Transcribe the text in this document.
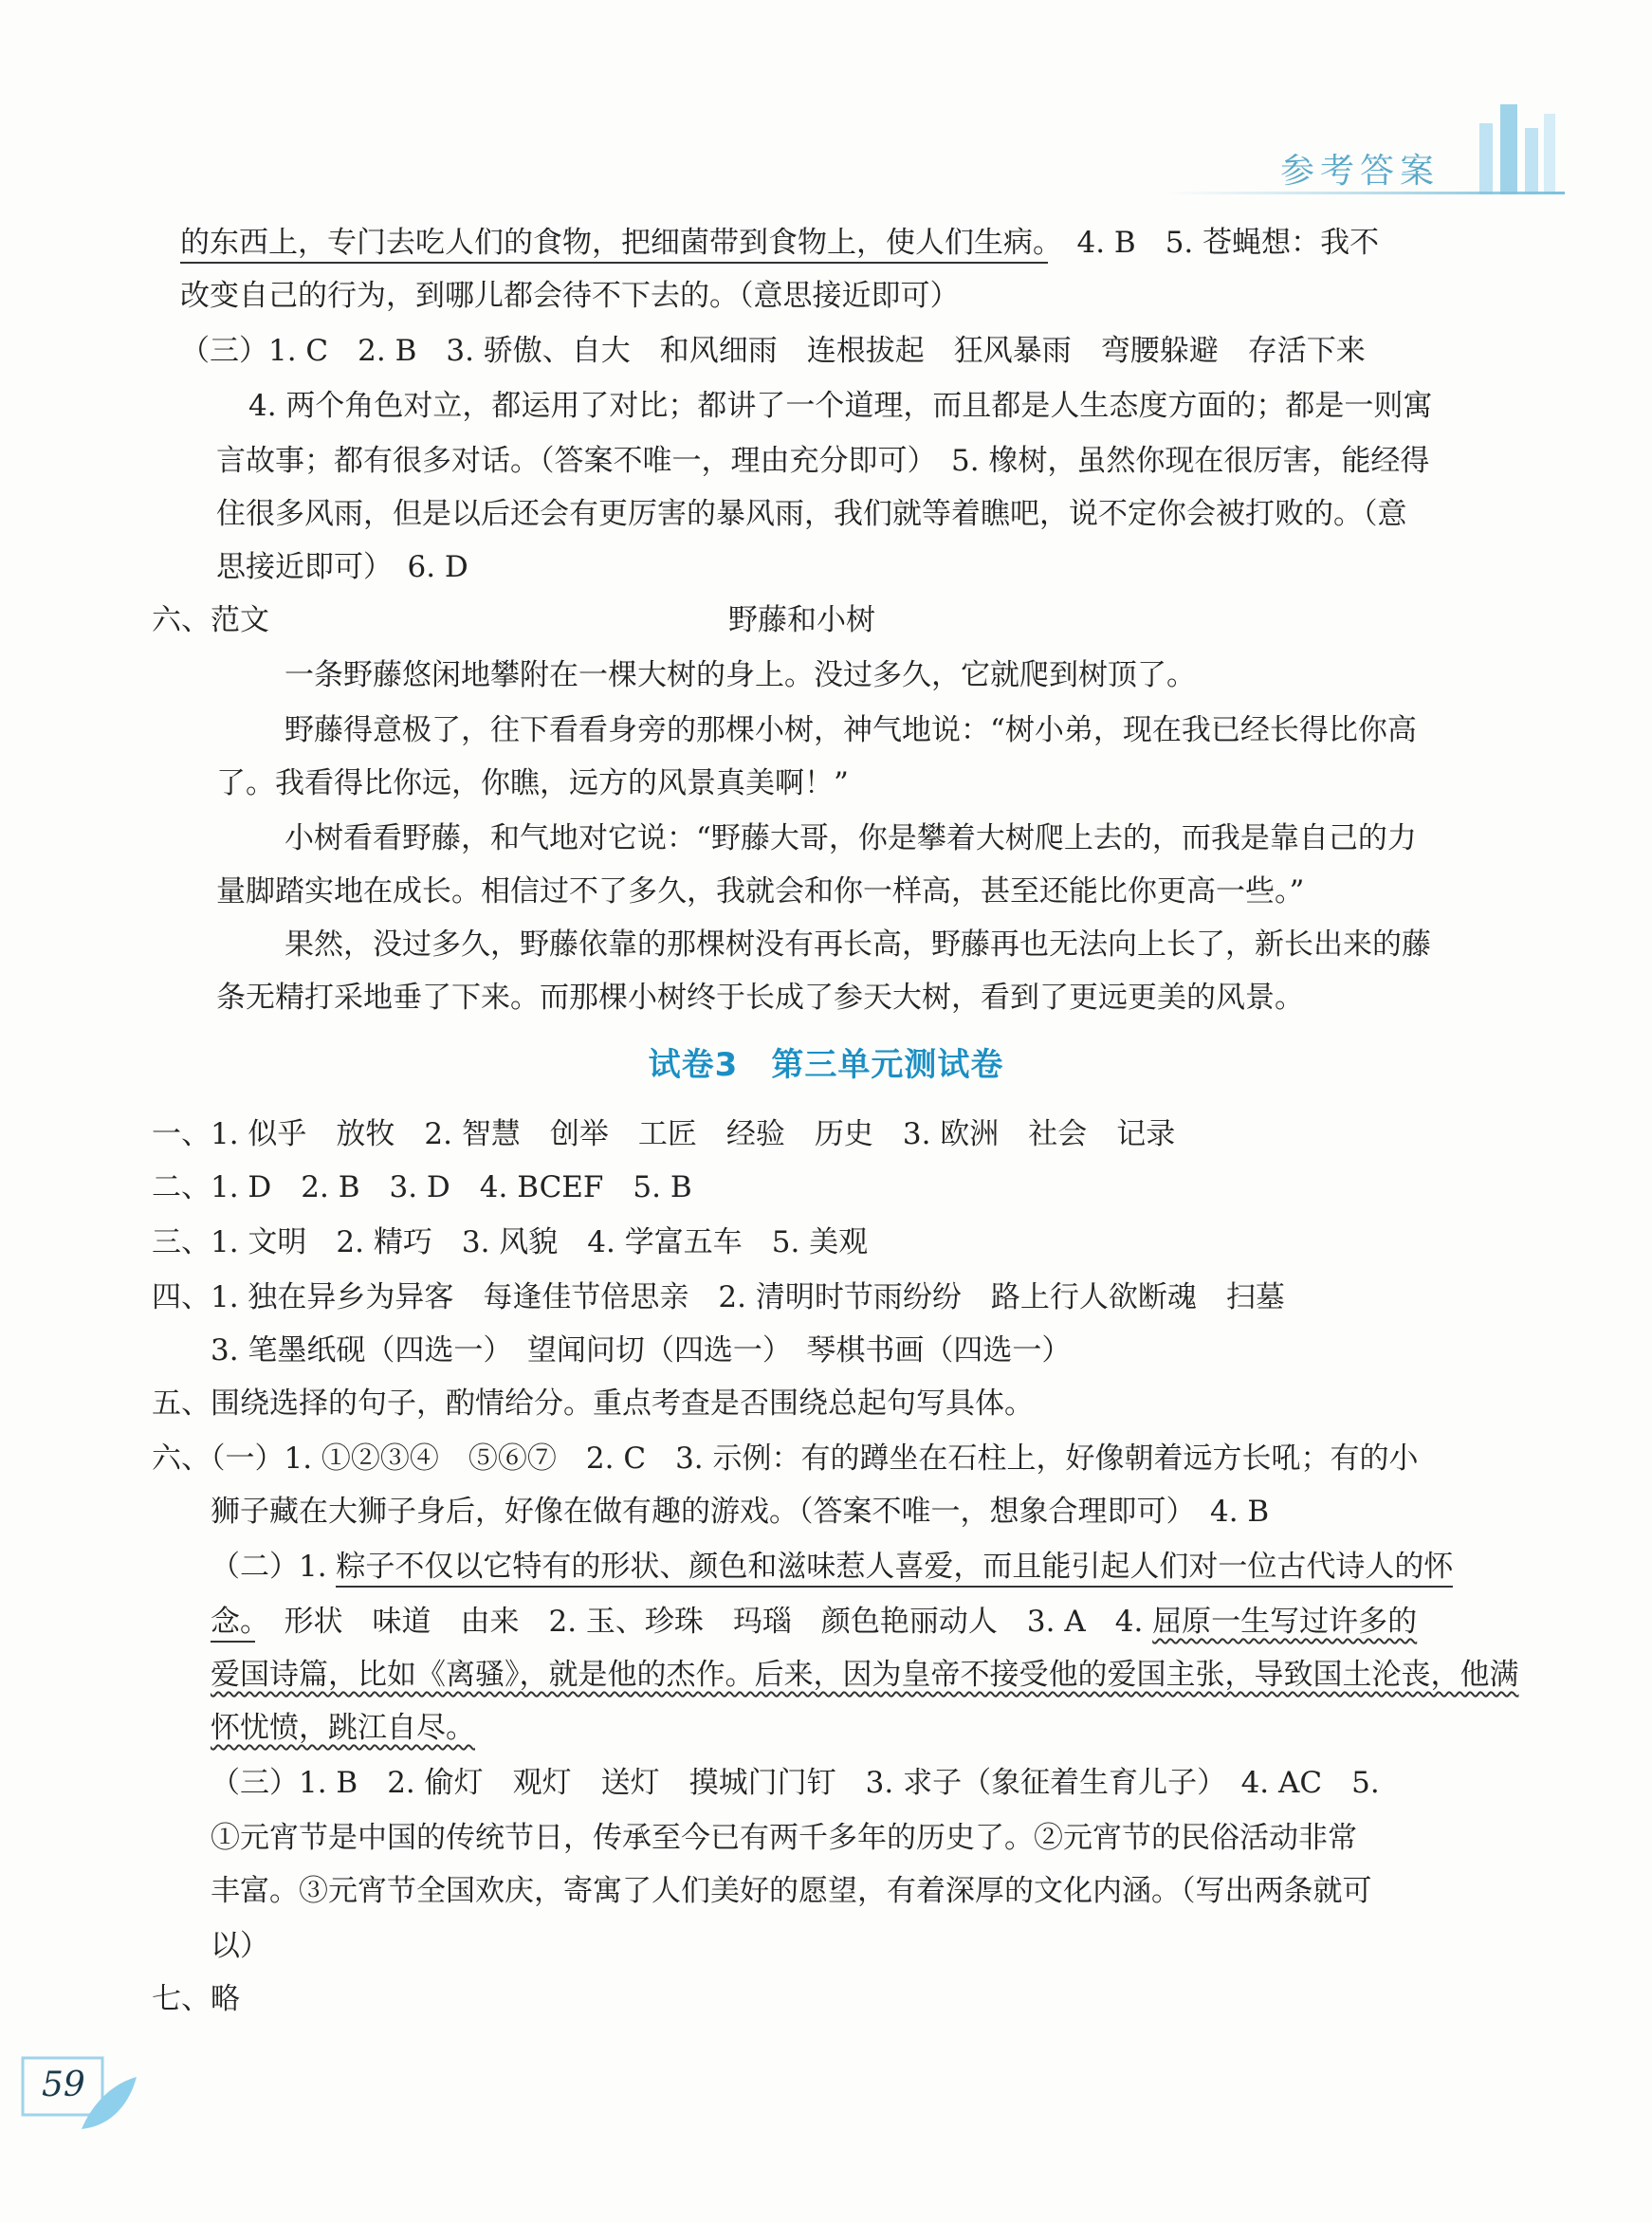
参考答案
的东西上，专门去吃人们的食物，把细菌带到食物上，使人们生病。　 4. B　5. 苍蝇想：我不
改变自己的行为，到哪儿都会待不下去的。（意思接近即可）
（三）1. C　2. B　3. 骄傲、自大　和风细雨　连根拔起　狂风暴雨　弯腰躲避　存活下来
4. 两个角色对立，都运用了对比；都讲了一个道理，而且都是人生态度方面的；都是一则寓
言故事；都有很多对话。（答案不唯一，理由充分即可）　5. 橡树，虽然你现在很厉害，能经得
住很多风雨，但是以后还会有更厉害的暴风雨，我们就等着瞧吧，说不定你会被打败的。（意
思接近即可）　6. D
六、范文	野藤和小树
一条野藤悠闲地攀附在一棵大树的身上。没过多久，它就爬到树顶了。
野藤得意极了，往下看看身旁的那棵小树，神气地说：“树小弟，现在我已经长得比你高
了。我看得比你远，你瞧，远方的风景真美啊！”
小树看看野藤，和气地对它说：“野藤大哥，你是攀着大树爬上去的，而我是靠自己的力
量脚踏实地在成长。相信过不了多久，我就会和你一样高，甚至还能比你更高一些。”
果然，没过多久，野藤依靠的那棵树没有再长高，野藤再也无法向上长了，新长出来的藤
条无精打采地垂了下来。而那棵小树终于长成了参天大树，看到了更远更美的风景。
试卷3　第三单元测试卷
一、1. 似乎　放牧　2. 智慧　创举　工匠　经验　历史　3. 欧洲　社会　记录
二、1. D　2. B　3. D　4. BCEF　5. B
三、1. 文明　2. 精巧　3. 风貌　4. 学富五车　5. 美观
四、1. 独在异乡为异客　每逢佳节倍思亲　2. 清明时节雨纷纷　路上行人欲断魂　扫墓
3. 笔墨纸砚（四选一）　望闻问切（四选一）　琴棋书画（四选一）
五、围绕选择的句子，酌情给分。重点考查是否围绕总起句写具体。
六、（一）1. ①②③④　⑤⑥⑦　2. C　3. 示例：有的蹲坐在石柱上，好像朝着远方长吼；有的小
狮子藏在大狮子身后，好像在做有趣的游戏。（答案不唯一，想象合理即可）　4. B
（二）1. 粽子不仅以它特有的形状、颜色和滋味惹人喜爱，而且能引起人们对一位古代诗人的怀
念。　形状　味道　由来　2. 玉、珍珠　玛瑙　颜色艳丽动人　3. A　4. 屈原一生写过许多的
爱国诗篇，比如《离骚》，就是他的杰作。后来，因为皇帝不接受他的爱国主张，导致国土沦丧，他满
怀忧愤，跳江自尽。
（三）1. B　2. 偷灯　观灯　送灯　摸城门门钉　3. 求子（象征着生育儿子）　4. AC　5.
①元宵节是中国的传统节日，传承至今已有两千多年的历史了。②元宵节的民俗活动非常
丰富。③元宵节全国欢庆，寄寓了人们美好的愿望，有着深厚的文化内涵。（写出两条就可
以）
七、略
59
